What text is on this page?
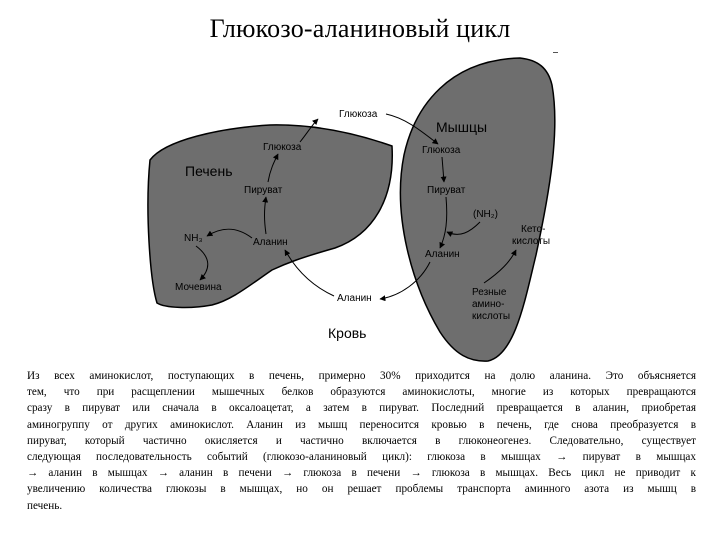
Глюкозо-аланиновый цикл
Печень
Мышцы
Кровь
Глюкоза
Глюкоза
Пируват
NH₃	Аланин
Мочевина
Аланин
Глюкоза
Пируват
(NH₂)
Аланин
Кето-
кислоты
Резные
амино-
кислоты
Из всех аминокислот, поступающих в печень, примерно 30% приходится на долю аланина. Это объясняется
тем, что при расщеплении мышечных белков образуются аминокислоты, многие из которых превращаются
сразу в пируват или сначала в оксалоацетат, а затем в пируват. Последний превращается в аланин, приобретая
аминогруппу от других аминокислот. Аланин из мышц переносится кровью в печень, где снова преобразуется в
пируват, который частично окисляется и частично включается в глюконеогенез. Следовательно, существует
следующая последовательность событий (глюкозо-аланиновый цикл): глюкоза в мышцах → пируват в мышцах
→ аланин в мышцах → аланин в печени → глюкоза в печени → глюкоза в мышцах. Весь цикл не приводит к
увеличению количества глюкозы в мышцах, но он решает проблемы транспорта аминного азота из мышц в
печень.
